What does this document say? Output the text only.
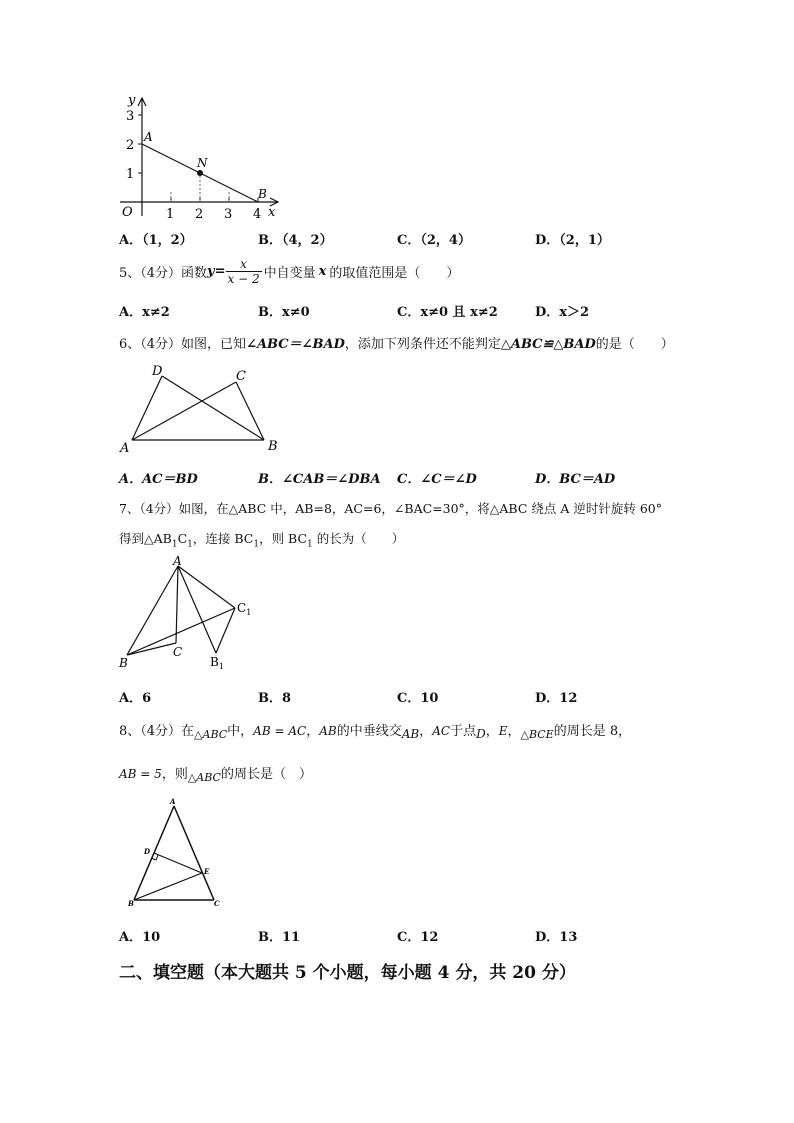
y
x
O
3
2
1
1 2 3 4
A
N
B
A．（1，2）	B．（4，2）	C．（2，4）	D．（2，1）
5、（4分）函数 $y= \frac{x}{x - 2}$ 中自变量 x 的取值范围是（　　）
A．x≠2	B．x≠0	C．x≠0 且 x≠2	D．x＞2
6、（4分）如图，已知∠ABC＝∠BAD，添加下列条件还不能判定△ABC≌△BAD的是（　　）
D	C
A	B
A．AC＝BD	B．∠CAB＝∠DBA C．∠C＝∠D	D．BC＝AD
7、（4分）如图，在△ABC 中，AB=8，AC=6，∠BAC=30°，将△ABC 绕点 A 逆时针旋转 60°
得到$\triangle AB_1C_1$，连接 $BC_1$，则 $BC_1$ 的长为（　　）
A
B
C
$B_1$
$C_1$
A．6	B．8	C．10	D．12
8、（4分）在$_{\triangle ABC}$中，AB = AC，AB的中垂线交AB，AC于点D，E，$_{\triangle BCE}$的周长是 8，
AB = 5，则$_{\triangle ABC}$的周长是（　）
A
D
E
B	C
A．10	B．11	C．12	D．13
二、填空题（本大题共 5 个小题，每小题 4 分，共 20 分）
